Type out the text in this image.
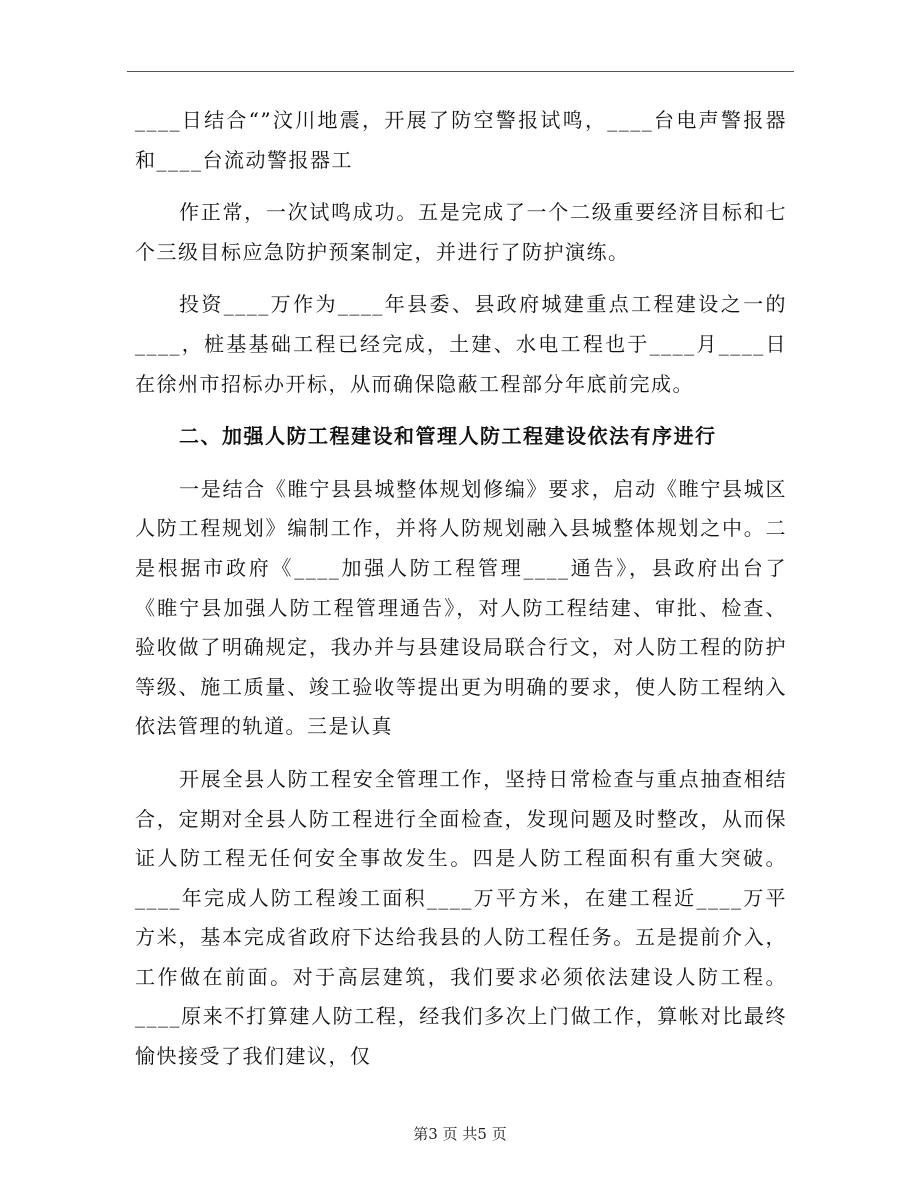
____日结合“”汶川地震，开展了防空警报试鸣，____台电声警报器和____台流动警报器工

作正常，一次试鸣成功。五是完成了一个二级重要经济目标和七个三级目标应急防护预案制定，并进行了防护演练。

投资____万作为____年县委、县政府城建重点工程建设之一的____，桩基基础工程已经完成，土建、水电工程也于____月____日在徐州市招标办开标，从而确保隐蔽工程部分年底前完成。

二、加强人防工程建设和管理人防工程建设依法有序进行

一是结合《睢宁县县城整体规划修编》要求，启动《睢宁县城区人防工程规划》编制工作，并将人防规划融入县城整体规划之中。二是根据市政府《____加强人防工程管理____通告》，县政府出台了《睢宁县加强人防工程管理通告》，对人防工程结建、审批、检查、验收做了明确规定，我办并与县建设局联合行文，对人防工程的防护等级、施工质量、竣工验收等提出更为明确的要求，使人防工程纳入依法管理的轨道。三是认真

开展全县人防工程安全管理工作，坚持日常检查与重点抽查相结合，定期对全县人防工程进行全面检查，发现问题及时整改，从而保证人防工程无任何安全事故发生。四是人防工程面积有重大突破。____年完成人防工程竣工面积____万平方米，在建工程近____万平方米，基本完成省政府下达给我县的人防工程任务。五是提前介入，工作做在前面。对于高层建筑，我们要求必须依法建设人防工程。____原来不打算建人防工程，经我们多次上门做工作，算帐对比最终愉快接受了我们建议，仅

第3 页 共5 页
